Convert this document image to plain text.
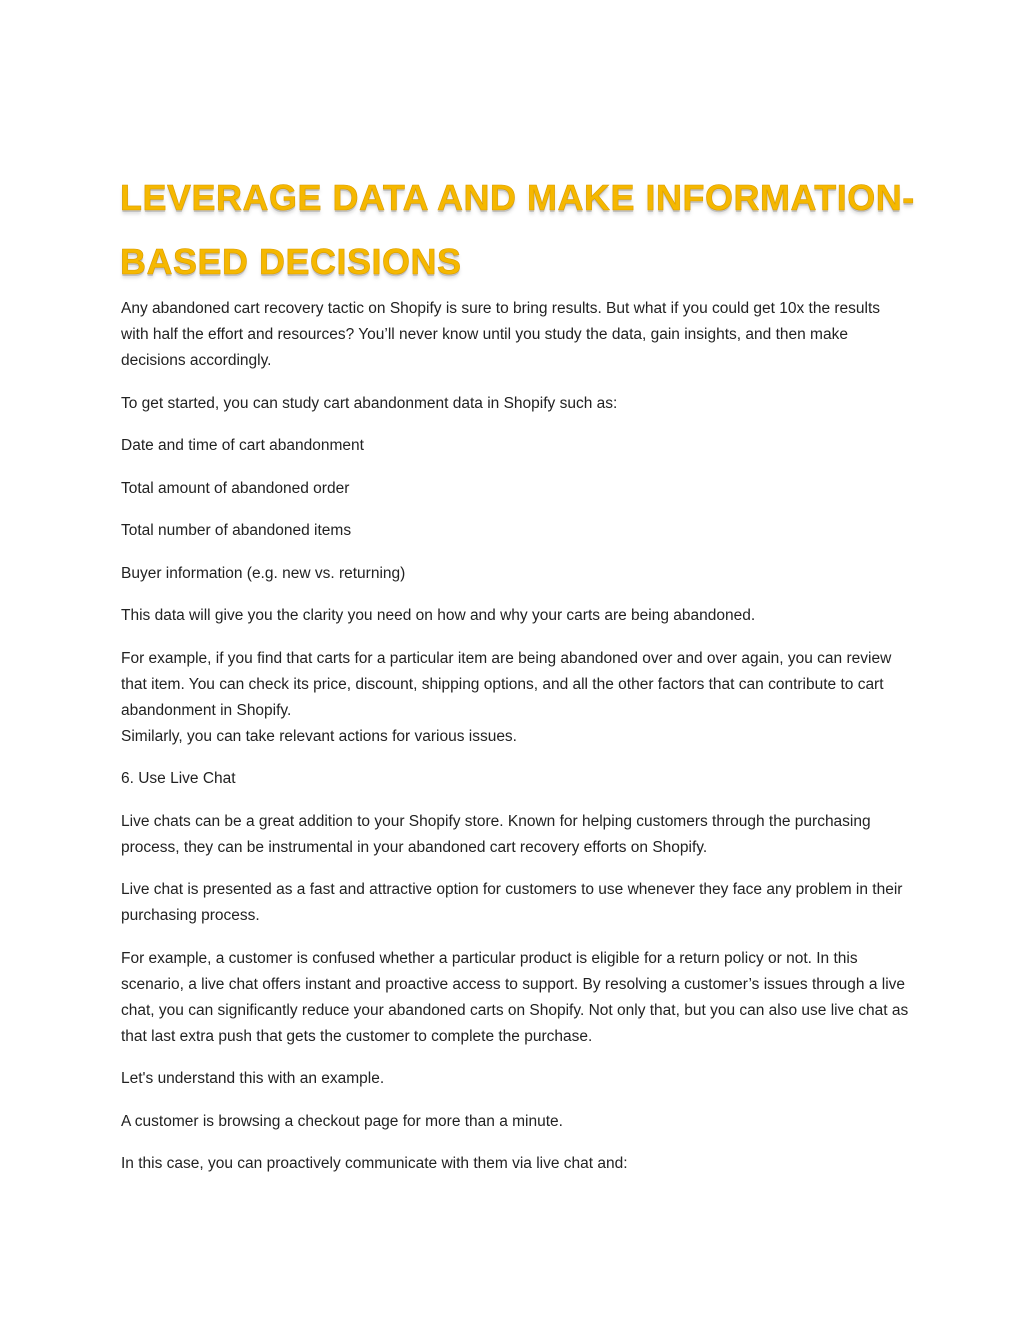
LEVERAGE DATA AND MAKE INFORMATION-BASED DECISIONS

Any abandoned cart recovery tactic on Shopify is sure to bring results. But what if you could get 10x the results with half the effort and resources? You’ll never know until you study the data, gain insights, and then make decisions accordingly.

To get started, you can study cart abandonment data in Shopify such as:

Date and time of cart abandonment

Total amount of abandoned order

Total number of abandoned items

Buyer information (e.g. new vs. returning)

This data will give you the clarity you need on how and why your carts are being abandoned.

For example, if you find that carts for a particular item are being abandoned over and over again, you can review that item. You can check its price, discount, shipping options, and all the other factors that can contribute to cart abandonment in Shopify.
Similarly, you can take relevant actions for various issues.

6. Use Live Chat

Live chats can be a great addition to your Shopify store. Known for helping customers through the purchasing process, they can be instrumental in your abandoned cart recovery efforts on Shopify.

Live chat is presented as a fast and attractive option for customers to use whenever they face any problem in their purchasing process.

For example, a customer is confused whether a particular product is eligible for a return policy or not. In this scenario, a live chat offers instant and proactive access to support. By resolving a customer’s issues through a live chat, you can significantly reduce your abandoned carts on Shopify. Not only that, but you can also use live chat as that last extra push that gets the customer to complete the purchase.

Let's understand this with an example.

A customer is browsing a checkout page for more than a minute.

In this case, you can proactively communicate with them via live chat and:
